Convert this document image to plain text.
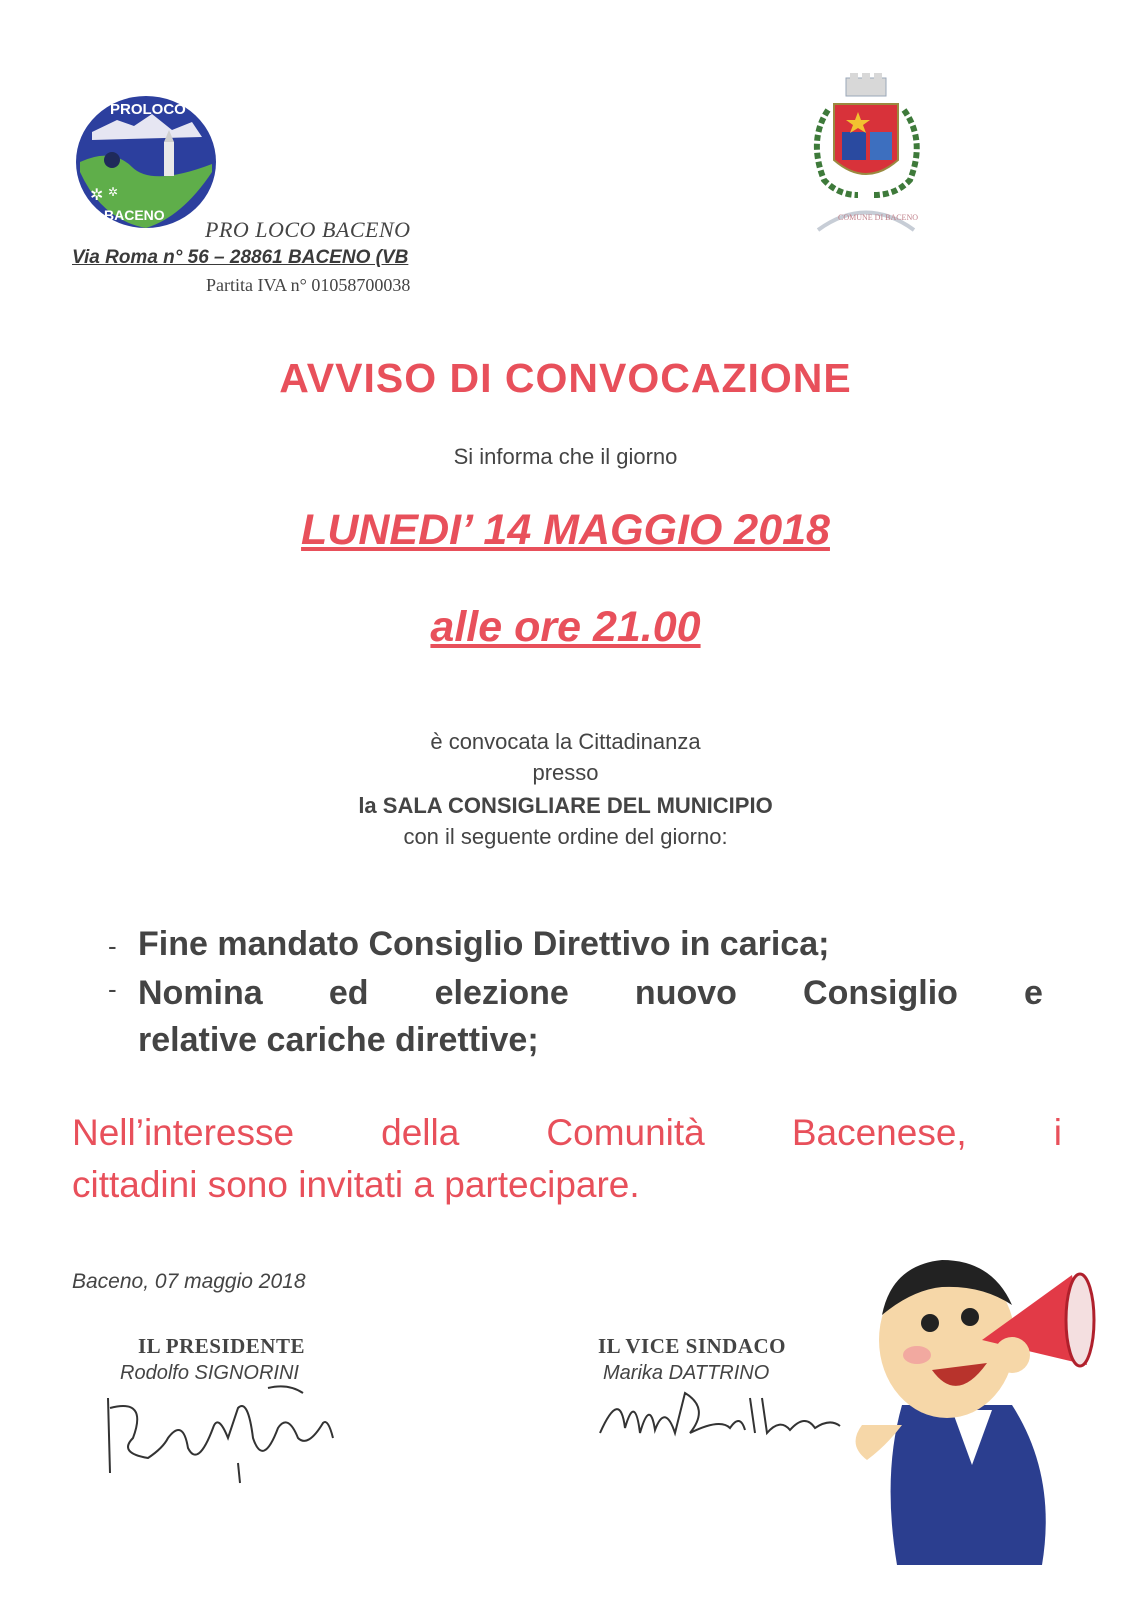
PROLOCO
BACENO
✲ ✲
COMUNE DI BACENO
PRO LOCO BACENO
Via Roma n° 56 – 28861 BACENO (VB
Partita IVA n° 01058700038
AVVISO DI CONVOCAZIONE
Si informa che il giorno
LUNEDI’ 14 MAGGIO 2018
alle ore 21.00
è convocata la Cittadinanza
presso
la SALA CONSIGLIARE DEL MUNICIPIO
con il seguente ordine del giorno:
- Fine mandato Consiglio Direttivo in carica;
- Nomina ed elezione nuovo Consiglio e
relative cariche direttive;
Nell’interesse della Comunità Bacenese, i
cittadini sono invitati a partecipare.
Baceno, 07 maggio 2018
IL PRESIDENTE
Rodolfo SIGNORINI
IL VICE SINDACO
Marika DATTRINO
